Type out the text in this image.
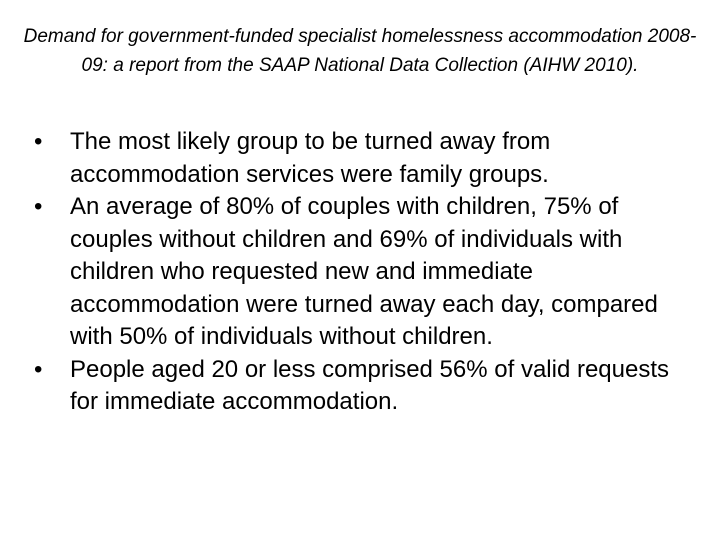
Demand for government-funded specialist homelessness accommodation 2008-09: a report from the SAAP National Data Collection (AIHW 2010).

•	The most likely group to be turned away from accommodation services were family groups.
•	An average of 80% of couples with children, 75% of couples without children and 69% of individuals with children who requested new and immediate accommodation were turned away each day, compared with 50% of individuals without children.
•	People aged 20 or less comprised 56% of valid requests for immediate accommodation.
